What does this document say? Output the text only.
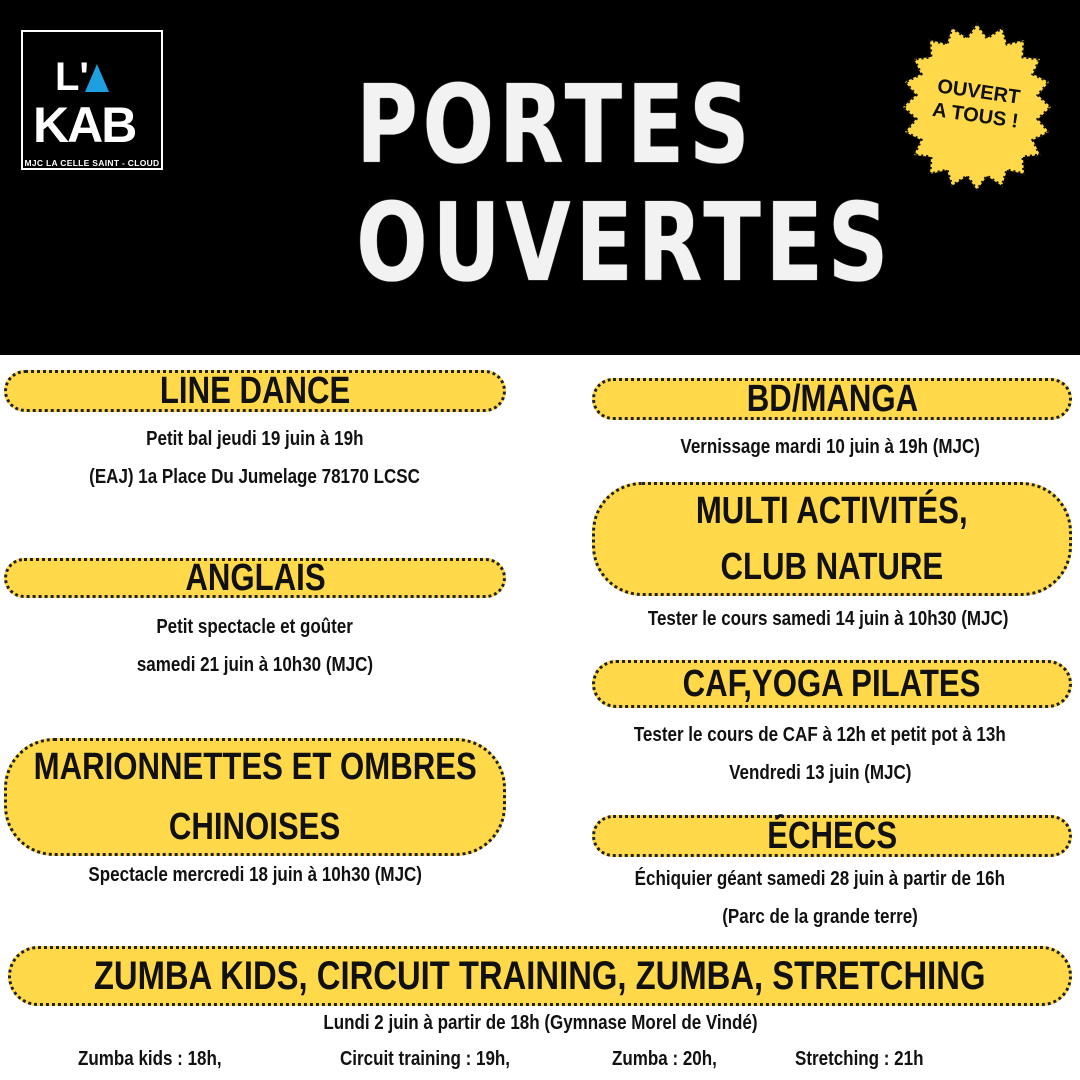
L'
KAB
MJC LA CELLE SAINT - CLOUD PORTES
OUVERTES
OUVERT
A TOUS !
LINE DANCE
Petit bal jeudi 19 juin à 19h
(EAJ) 1a Place Du Jumelage 78170 LCSC
ANGLAIS
Petit spectacle et goûter
samedi 21 juin à 10h30 (MJC)
MARIONNETTES ET OMBRES
CHINOISES
Spectacle mercredi 18 juin à 10h30 (MJC)
BD/MANGA
Vernissage mardi 10 juin à 19h (MJC)
MULTI ACTIVITÉS,
CLUB NATURE
Tester le cours samedi 14 juin à 10h30 (MJC)
CAF,YOGA PILATES
Tester le cours de CAF à 12h et petit pot à 13h
Vendredi 13 juin (MJC)
ÉCHECS
Échiquier géant samedi 28 juin à partir de 16h
(Parc de la grande terre)
ZUMBA KIDS, CIRCUIT TRAINING, ZUMBA, STRETCHING
Lundi 2 juin à partir de 18h (Gymnase Morel de Vindé)
Zumba kids : 18h,	Circuit training : 19h,	Zumba : 20h,	Stretching : 21h
